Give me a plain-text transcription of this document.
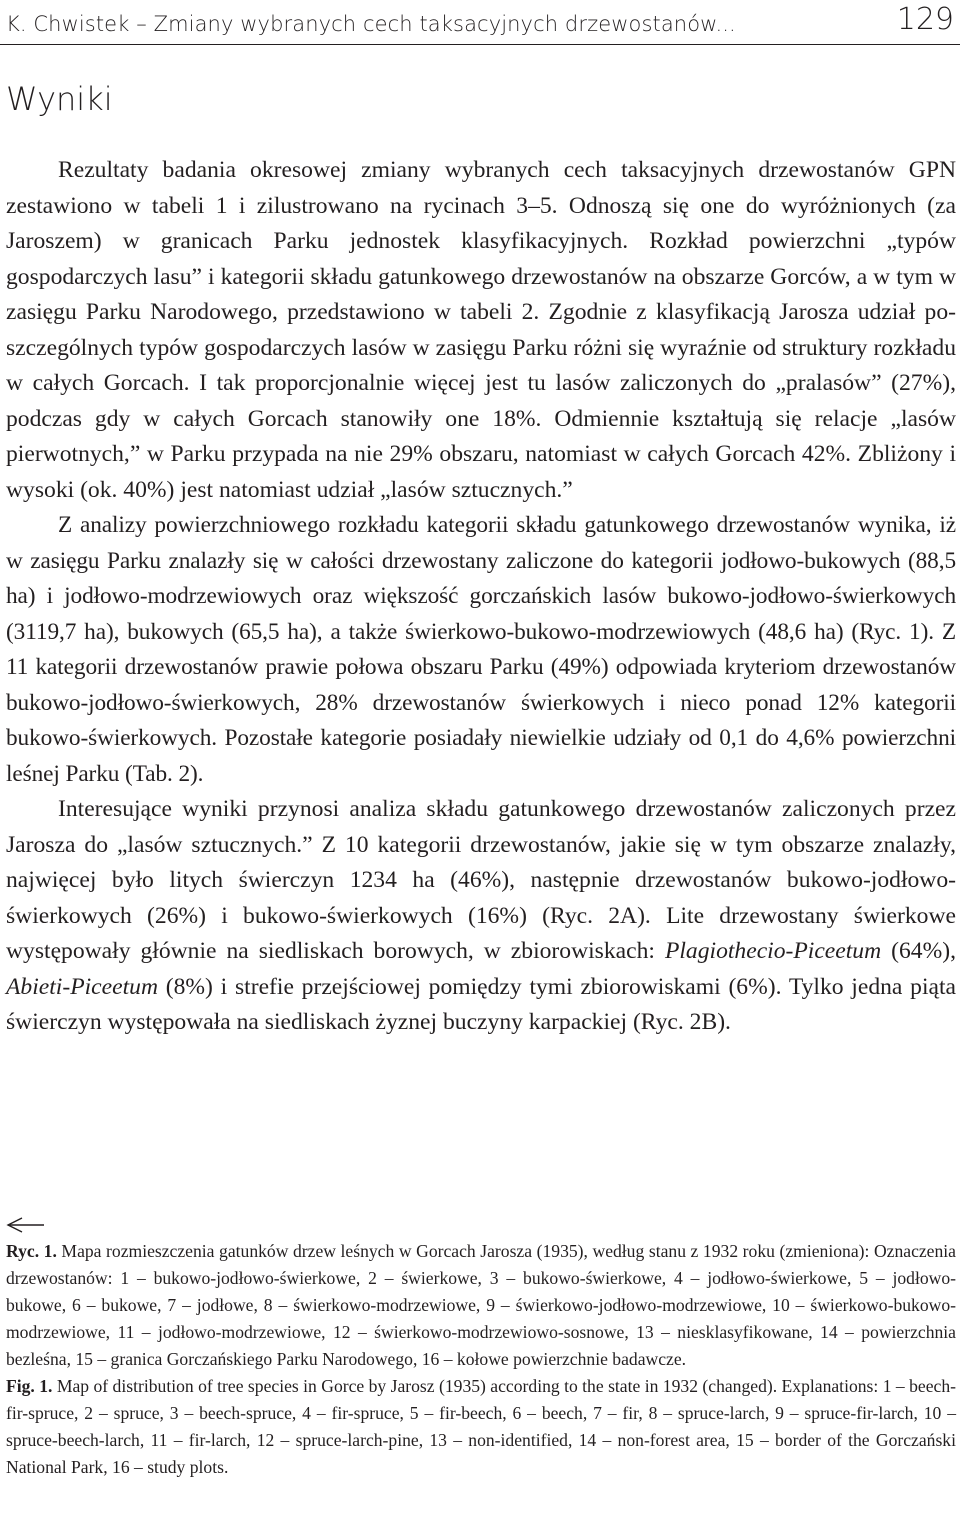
K. Chwistek – Zmiany wybranych cech taksacyjnych drzewostanów...	129
Wyniki

Rezultaty badania okresowej zmiany wybranych cech taksacyjnych drzewostanów GPN zestawiono w tabeli 1 i zilustrowano na rycinach 3–5. Odnoszą się one do wyróżnionych (za Jaroszem) w granicach Parku jednostek klasyfikacyjnych. Rozkład powierzchni „typów gospodarczych lasu” i kategorii składu gatunkowego drzewostanów na obszarze Gorców, a w tym w zasięgu Parku Narodowego, przedstawiono w tabeli 2. Zgodnie z klasyfikacją Jarosza udział poszczególnych typów gospodarczych lasów w zasięgu Parku różni się wyraźnie od struktury rozkładu w całych Gorcach. I tak proporcjonalnie więcej jest tu lasów zaliczonych do „pralasów” (27%), podczas gdy w całych Gorcach stanowiły one 18%. Odmiennie kształtują się relacje „lasów pierwotnych,” w Parku przypada na nie 29% obszaru, natomiast w całych Gorcach 42%. Zbliżony i wysoki (ok. 40%) jest natomiast udział „lasów sztucznych.”

Z analizy powierzchniowego rozkładu kategorii składu gatunkowego drzewostanów wynika, iż w zasięgu Parku znalazły się w całości drzewostany zaliczone do kategorii jodłowo-bukowych (88,5 ha) i jodłowo-modrzewiowych oraz większość gorczańskich lasów bukowo-jodłowo-świerkowych (3119,7 ha), bukowych (65,5 ha), a także świerkowo-bukowo-modrzewiowych (48,6 ha) (Ryc. 1). Z 11 kategorii drzewostanów prawie połowa obszaru Parku (49%) odpowiada kryteriom drzewostanów bukowo-jodłowo-świerkowych, 28% drzewostanów świerkowych i nieco ponad 12% kategorii bukowo-świerkowych. Pozostałe kategorie posiadały niewielkie udziały od 0,1 do 4,6% powierzchni leśnej Parku (Tab. 2).

Interesujące wyniki przynosi analiza składu gatunkowego drzewostanów zaliczonych przez Jarosza do „lasów sztucznych.” Z 10 kategorii drzewostanów, jakie się w tym obszarze znalazły, najwięcej było litych świerczyn 1234 ha (46%), następnie drzewostanów bukowo-jodłowo-świerkowych (26%) i bukowo-świerkowych (16%) (Ryc. 2A). Lite drzewostany świerkowe występowały głównie na siedliskach borowych, w zbiorowiskach: Plagiothecio-Piceetum (64%), Abieti-Piceetum (8%) i strefie przejściowej pomiędzy tymi zbiorowiskami (6%). Tylko jedna piąta świerczyn występowała na siedliskach żyznej buczyny karpackiej (Ryc. 2B).

Ryc. 1. Mapa rozmieszczenia gatunków drzew leśnych w Gorcach Jarosza (1935), według stanu z 1932 roku (zmieniona): Oznaczenia drzewostanów: 1 – bukowo-jodłowo-świerkowe, 2 – świerkowe, 3 – bukowo-świerkowe, 4 – jodłowo-świerkowe, 5 – jodłowo-bukowe, 6 – bukowe, 7 – jodłowe, 8 – świerkowo-modrzewiowe, 9 – świerkowo-jodłowo-modrzewiowe, 10 – świerkowo-bukowo-modrzewiowe, 11 – jodłowo-modrzewiowe, 12 – świerkowo-modrzewiowo-sosnowe, 13 – niesklasyfikowane, 14 – powierzchnia bezleśna, 15 – granica Gorczańskiego Parku Narodowego, 16 – kołowe powierzchnie badawcze.

Fig. 1. Map of distribution of tree species in Gorce by Jarosz (1935) according to the state in 1932 (changed). Explanations: 1 – beech-fir-spruce, 2 – spruce, 3 – beech-spruce, 4 – fir-spruce, 5 – fir-beech, 6 – beech, 7 – fir, 8 – spruce-larch, 9 – spruce-fir-larch, 10 – spruce-beech-larch, 11 – fir-larch, 12 – spruce-larch-pine, 13 – non-identified, 14 – non-forest area, 15 – border of the Gorczański National Park, 16 – study plots.
